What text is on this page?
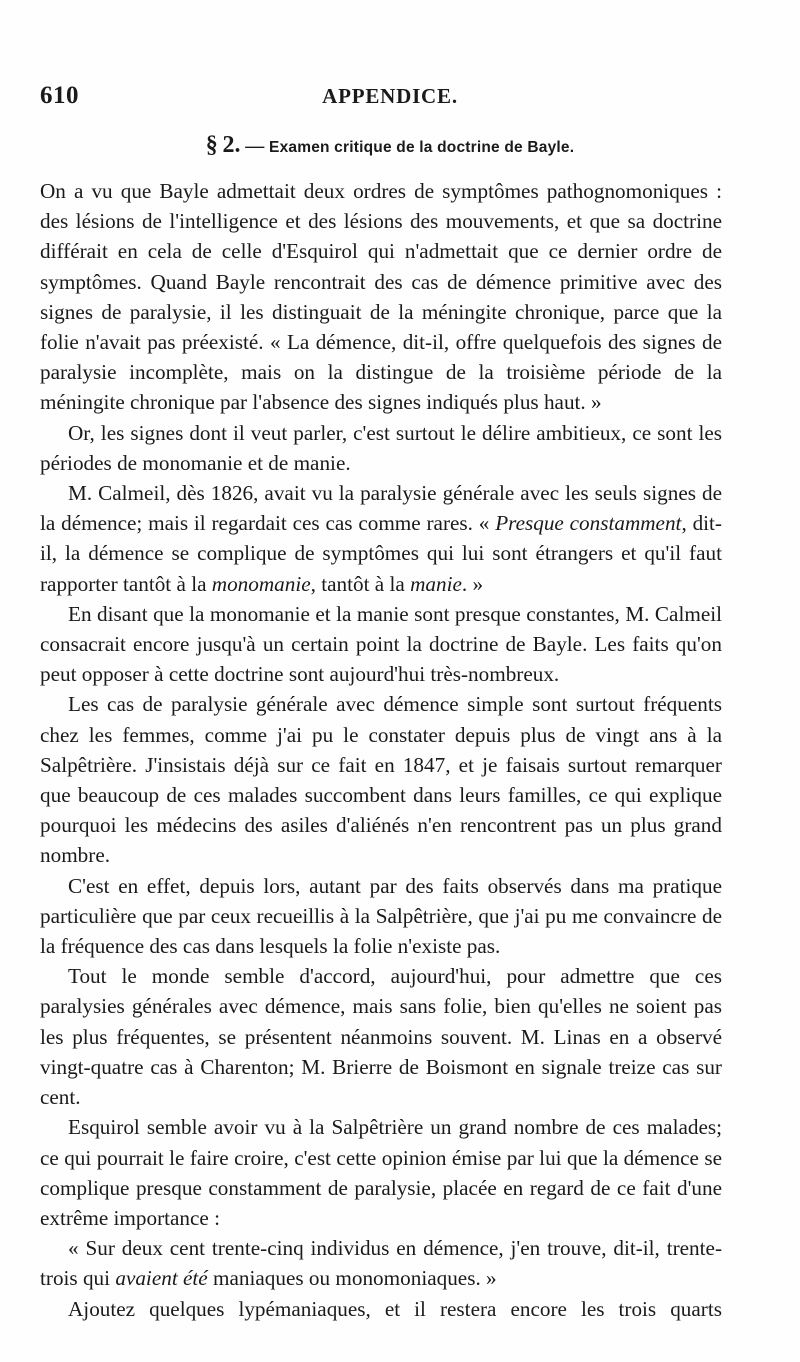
610	APPENDICE.
§ 2. — Examen critique de la doctrine de Bayle.

On a vu que Bayle admettait deux ordres de symptômes pathognomoniques : des lésions de l'intelligence et des lésions des mouvements, et que sa doctrine différait en cela de celle d'Esquirol qui n'admettait que ce dernier ordre de symptômes. Quand Bayle rencontrait des cas de démence primitive avec des signes de paralysie, il les distinguait de la méningite chronique, parce que la folie n'avait pas préexisté. « La démence, dit-il, offre quelquefois des signes de paralysie incomplète, mais on la distingue de la troisième période de la méningite chronique par l'absence des signes indiqués plus haut. »

Or, les signes dont il veut parler, c'est surtout le délire ambitieux, ce sont les périodes de monomanie et de manie.

M. Calmeil, dès 1826, avait vu la paralysie générale avec les seuls signes de la démence; mais il regardait ces cas comme rares. « Presque constamment, dit-il, la démence se complique de symptômes qui lui sont étrangers et qu'il faut rapporter tantôt à la monomanie, tantôt à la manie. »

En disant que la monomanie et la manie sont presque constantes, M. Calmeil consacrait encore jusqu'à un certain point la doctrine de Bayle. Les faits qu'on peut opposer à cette doctrine sont aujourd'hui très-nombreux.

Les cas de paralysie générale avec démence simple sont surtout fréquents chez les femmes, comme j'ai pu le constater depuis plus de vingt ans à la Salpêtrière. J'insistais déjà sur ce fait en 1847, et je faisais surtout remarquer que beaucoup de ces malades succombent dans leurs familles, ce qui explique pourquoi les médecins des asiles d'aliénés n'en rencontrent pas un plus grand nombre.

C'est en effet, depuis lors, autant par des faits observés dans ma pratique particulière que par ceux recueillis à la Salpêtrière, que j'ai pu me convaincre de la fréquence des cas dans lesquels la folie n'existe pas.

Tout le monde semble d'accord, aujourd'hui, pour admettre que ces paralysies générales avec démence, mais sans folie, bien qu'elles ne soient pas les plus fréquentes, se présentent néanmoins souvent. M. Linas en a observé vingt-quatre cas à Charenton; M. Brierre de Boismont en signale treize cas sur cent.

Esquirol semble avoir vu à la Salpêtrière un grand nombre de ces malades; ce qui pourrait le faire croire, c'est cette opinion émise par lui que la démence se complique presque constamment de paralysie, placée en regard de ce fait d'une extrême importance :

« Sur deux cent trente-cinq individus en démence, j'en trouve, dit-il, trente-trois qui avaient été maniaques ou monomoniaques. »

Ajoutez quelques lypémaniaques, et il restera encore les trois quarts
